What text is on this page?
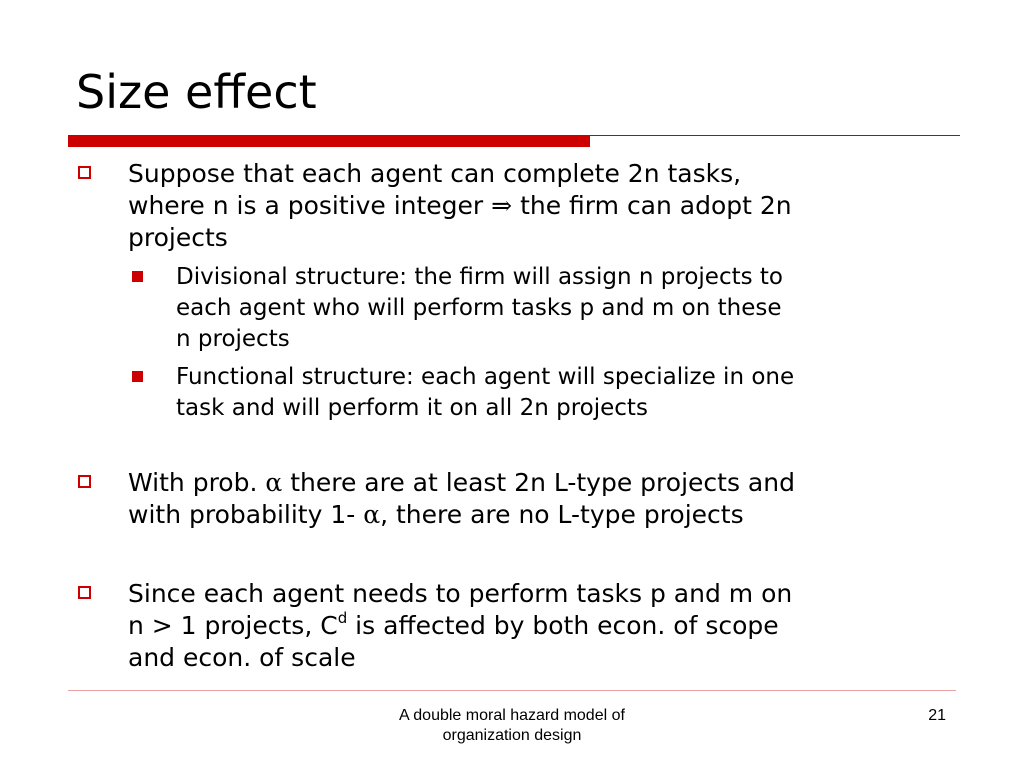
Size effect
Suppose that each agent can complete 2n tasks,
where n is a positive integer ⇒ the firm can adopt 2n
projects
Divisional structure: the firm will assign n projects to
each agent who will perform tasks p and m on these
n projects
Functional structure: each agent will specialize in one
task and will perform it on all 2n projects
With prob. α there are at least 2n L-type projects and
with probability 1- α, there are no L-type projects
Since each agent needs to perform tasks p and m on
n > 1 projects, $C^d$ is affected by both econ. of scope
and econ. of scale
A double moral hazard model of
organization design
21
